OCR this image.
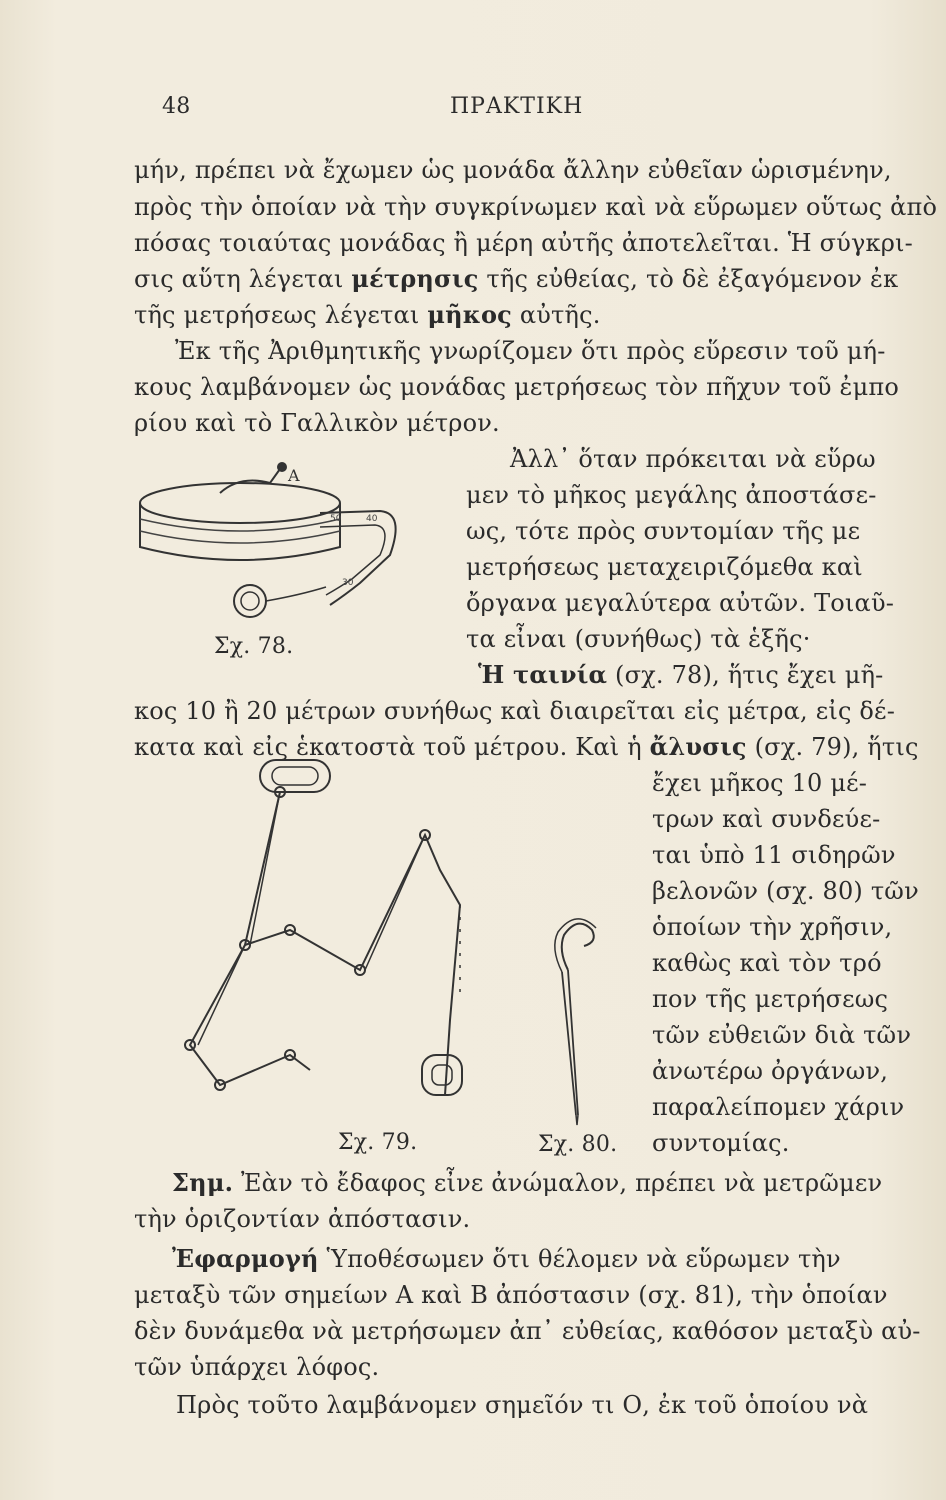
48	ΠΡΑΚΤΙΚΗ
μήν, πρέπει νὰ ἔχωμεν ὡς μονάδα ἄλλην εὐθεῖαν ὡρισμένην,
πρὸς τὴν ὁποίαν νὰ τὴν συγκρίνωμεν καὶ νὰ εὕρωμεν οὕτως ἀπὸ
πόσας τοιαύτας μονάδας ἢ μέρη αὐτῆς ἀποτελεῖται. Ἡ σύγκρι-
σις αὕτη λέγεται μέτρησις τῆς εὐθείας, τὸ δὲ ἐξαγόμενον ἐκ
τῆς μετρήσεως λέγεται μῆκος αὐτῆς.
Ἐκ τῆς Ἀριθμητικῆς γνωρίζομεν ὅτι πρὸς εὕρεσιν τοῦ μή-
κους λαμβάνομεν ὡς μονάδας μετρήσεως τὸν πῆχυν τοῦ ἐμπο
ρίου καὶ τὸ Γαλλικὸν μέτρον.
Ἀλλ᾽ ὅταν πρόκειται νὰ εὕρω
μεν τὸ μῆκος μεγάλης ἀποστάσε-
ως, τότε πρὸς συντομίαν τῆς με
μετρήσεως μεταχειριζόμεθα καὶ
ὄργανα μεγαλύτερα αὐτῶν. Τοιαῦ-
τα εἶναι (συνήθως) τὰ ἑξῆς·
Ἡ ταινία (σχ. 78), ἥτις ἔχει μῆ-
κος 10 ἢ 20 μέτρων συνήθως καὶ διαιρεῖται εἰς μέτρα, εἰς δέ-
κατα καὶ εἰς ἑκατοστὰ τοῦ μέτρου. Καὶ ἡ ἄλυσις (σχ. 79), ἥτις
ἔχει μῆκος 10 μέ-
τρων καὶ συνδεύε-
ται ὑπὸ 11 σιδηρῶν
βελονῶν (σχ. 80) τῶν
ὁποίων τὴν χρῆσιν,
καθὼς καὶ τὸν τρό
πον τῆς μετρήσεως
τῶν εὐθειῶν διὰ τῶν
ἀνωτέρω ὀργάνων,
παραλείπομεν χάριν
συντομίας.
Α
50	40
30
Σχ. 78.
Σχ. 79.	Σχ. 80.
Σημ. Ἐὰν τὸ ἔδαφος εἶνε ἀνώμαλον, πρέπει νὰ μετρῶμεν
τὴν ὁριζοντίαν ἀπόστασιν.
Ἐφαρμογή Ὑποθέσωμεν ὅτι θέλομεν νὰ εὕρωμεν τὴν
μεταξὺ τῶν σημείων Α καὶ Β ἀπόστασιν (σχ. 81), τὴν ὁποίαν
δὲν δυνάμεθα νὰ μετρήσωμεν ἀπ᾽ εὐθείας, καθόσον μεταξὺ αὐ-
τῶν ὑπάρχει λόφος.
Πρὸς τοῦτο λαμβάνομεν σημεῖόν τι Ο, ἐκ τοῦ ὁποίου νὰ
